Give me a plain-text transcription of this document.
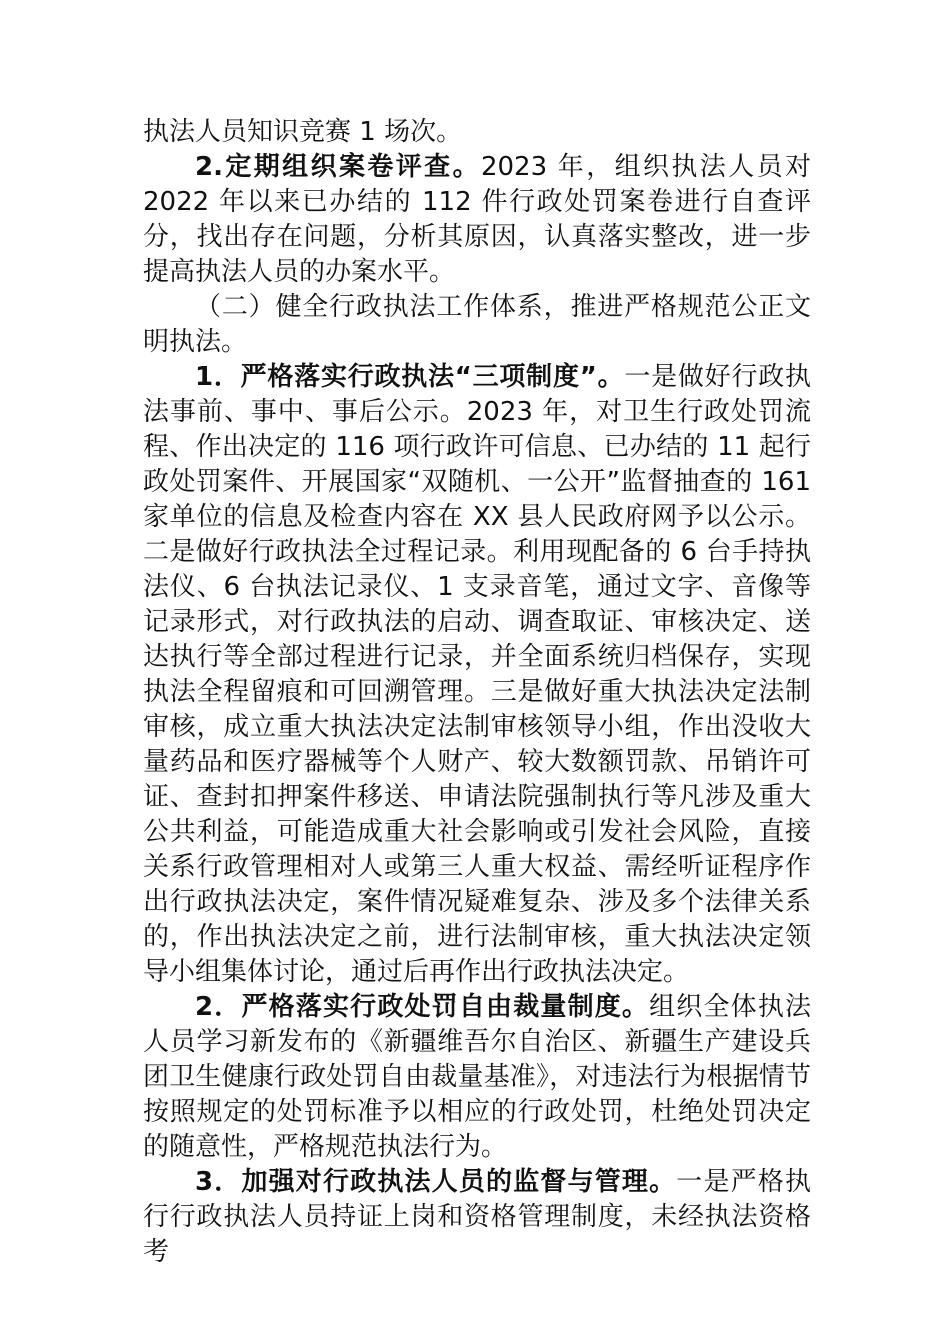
执法人员知识竞赛 1 场次。

2.定期组织案卷评查。2023 年，组织执法人员对 2022 年以来已办结的 112 件行政处罚案卷进行自查评分，找出存在问题，分析其原因，认真落实整改，进一步提高执法人员的办案水平。

（二）健全行政执法工作体系，推进严格规范公正文明执法。

1．严格落实行政执法“三项制度”。一是做好行政执法事前、事中、事后公示。2023 年，对卫生行政处罚流程、作出决定的 116 项行政许可信息、已办结的 11 起行政处罚案件、开展国家“双随机、一公开”监督抽查的 161 家单位的信息及检查内容在 XX 县人民政府网予以公示。二是做好行政执法全过程记录。利用现配备的 6 台手持执法仪、6 台执法记录仪、1 支录音笔，通过文字、音像等记录形式，对行政执法的启动、调查取证、审核决定、送达执行等全部过程进行记录，并全面系统归档保存，实现执法全程留痕和可回溯管理。三是做好重大执法决定法制审核，成立重大执法决定法制审核领导小组，作出没收大量药品和医疗器械等个人财产、较大数额罚款、吊销许可证、查封扣押案件移送、申请法院强制执行等凡涉及重大公共利益，可能造成重大社会影响或引发社会风险，直接关系行政管理相对人或第三人重大权益、需经听证程序作出行政执法决定，案件情况疑难复杂、涉及多个法律关系的，作出执法决定之前，进行法制审核，重大执法决定领导小组集体讨论，通过后再作出行政执法决定。

2．严格落实行政处罚自由裁量制度。组织全体执法人员学习新发布的《新疆维吾尔自治区、新疆生产建设兵团卫生健康行政处罚自由裁量基准》，对违法行为根据情节按照规定的处罚标准予以相应的行政处罚，杜绝处罚决定的随意性，严格规范执法行为。

3．加强对行政执法人员的监督与管理。一是严格执行行政执法人员持证上岗和资格管理制度，未经执法资格考
